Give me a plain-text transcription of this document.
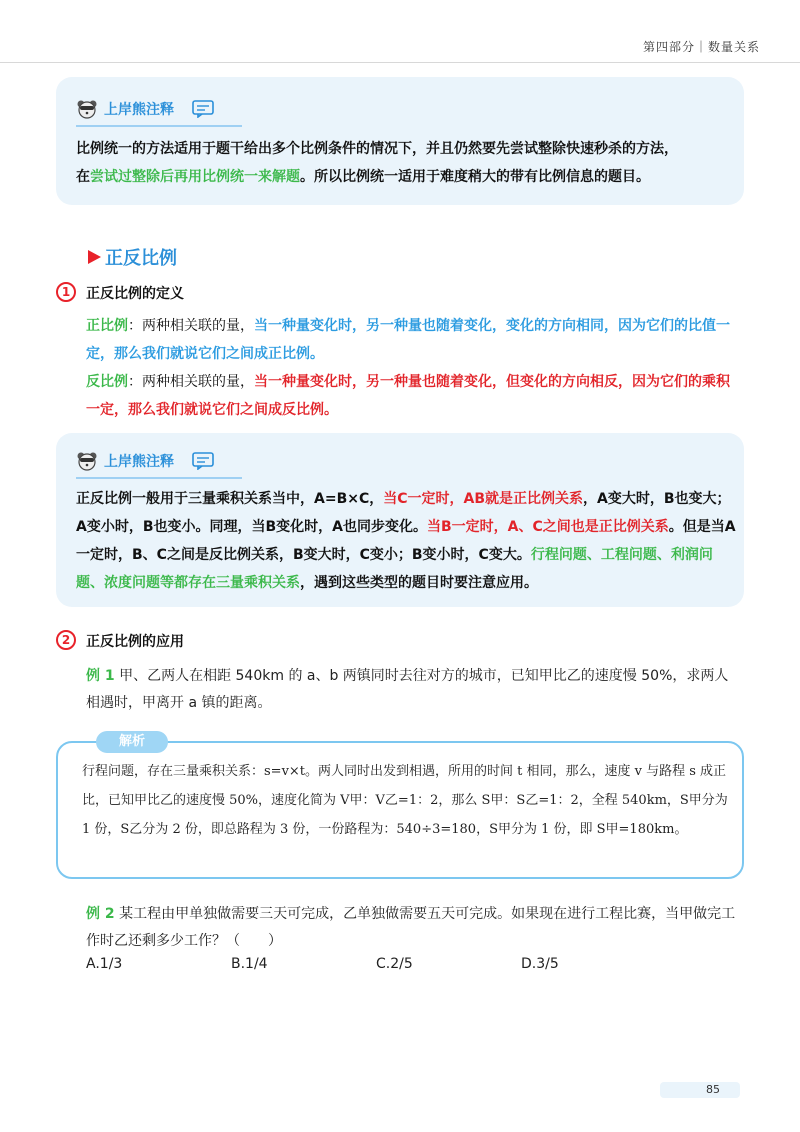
第四部分｜数量关系
上岸熊注释
比例统一的方法适用于题干给出多个比例条件的情况下，并且仍然要先尝试整除快速秒杀的方法，
在尝试过整除后再用比例统一来解题。所以比例统一适用于难度稍大的带有比例信息的题目。
正反比例
1	正反比例的定义
正比例：两种相关联的量，当一种量变化时，另一种量也随着变化，变化的方向相同，因为它们的比值一定，那么我们就说它们之间成正比例。
反比例：两种相关联的量，当一种量变化时，另一种量也随着变化，但变化的方向相反，因为它们的乘积一定，那么我们就说它们之间成反比例。
上岸熊注释
正反比例一般用于三量乘积关系当中，A=B×C，当C一定时，AB就是正比例关系，A变大时，B也变大；A变小时，B也变小。同理，当B变化时，A也同步变化。当B一定时，A、C之间也是正比例关系。但是当A一定时，B、C之间是反比例关系，B变大时，C变小；B变小时，C变大。行程问题、工程问题、利润问题、浓度问题等都存在三量乘积关系，遇到这些类型的题目时要注意应用。
2	正反比例的应用
例 1 甲、乙两人在相距 540km 的 a、b 两镇同时去往对方的城市，已知甲比乙的速度慢 50%，求两人相遇时，甲离开 a 镇的距离。
解析
行程问题，存在三量乘积关系：s=v×t。两人同时出发到相遇，所用的时间 t 相同，那么，速度 v 与路程 s 成正比，已知甲比乙的速度慢 50%，速度化简为 V甲：V乙=1：2，那么 S甲：S乙=1：2，全程 540km，S甲分为 1 份，S乙分为 2 份，即总路程为 3 份，一份路程为：540÷3=180，S甲分为 1 份，即 S甲=180km。
例 2 某工程由甲单独做需要三天可完成，乙单独做需要五天可完成。如果现在进行工程比赛，当甲做完工作时乙还剩多少工作？（　　）
A.1/3	B.1/4	C.2/5	D.3/5
85
